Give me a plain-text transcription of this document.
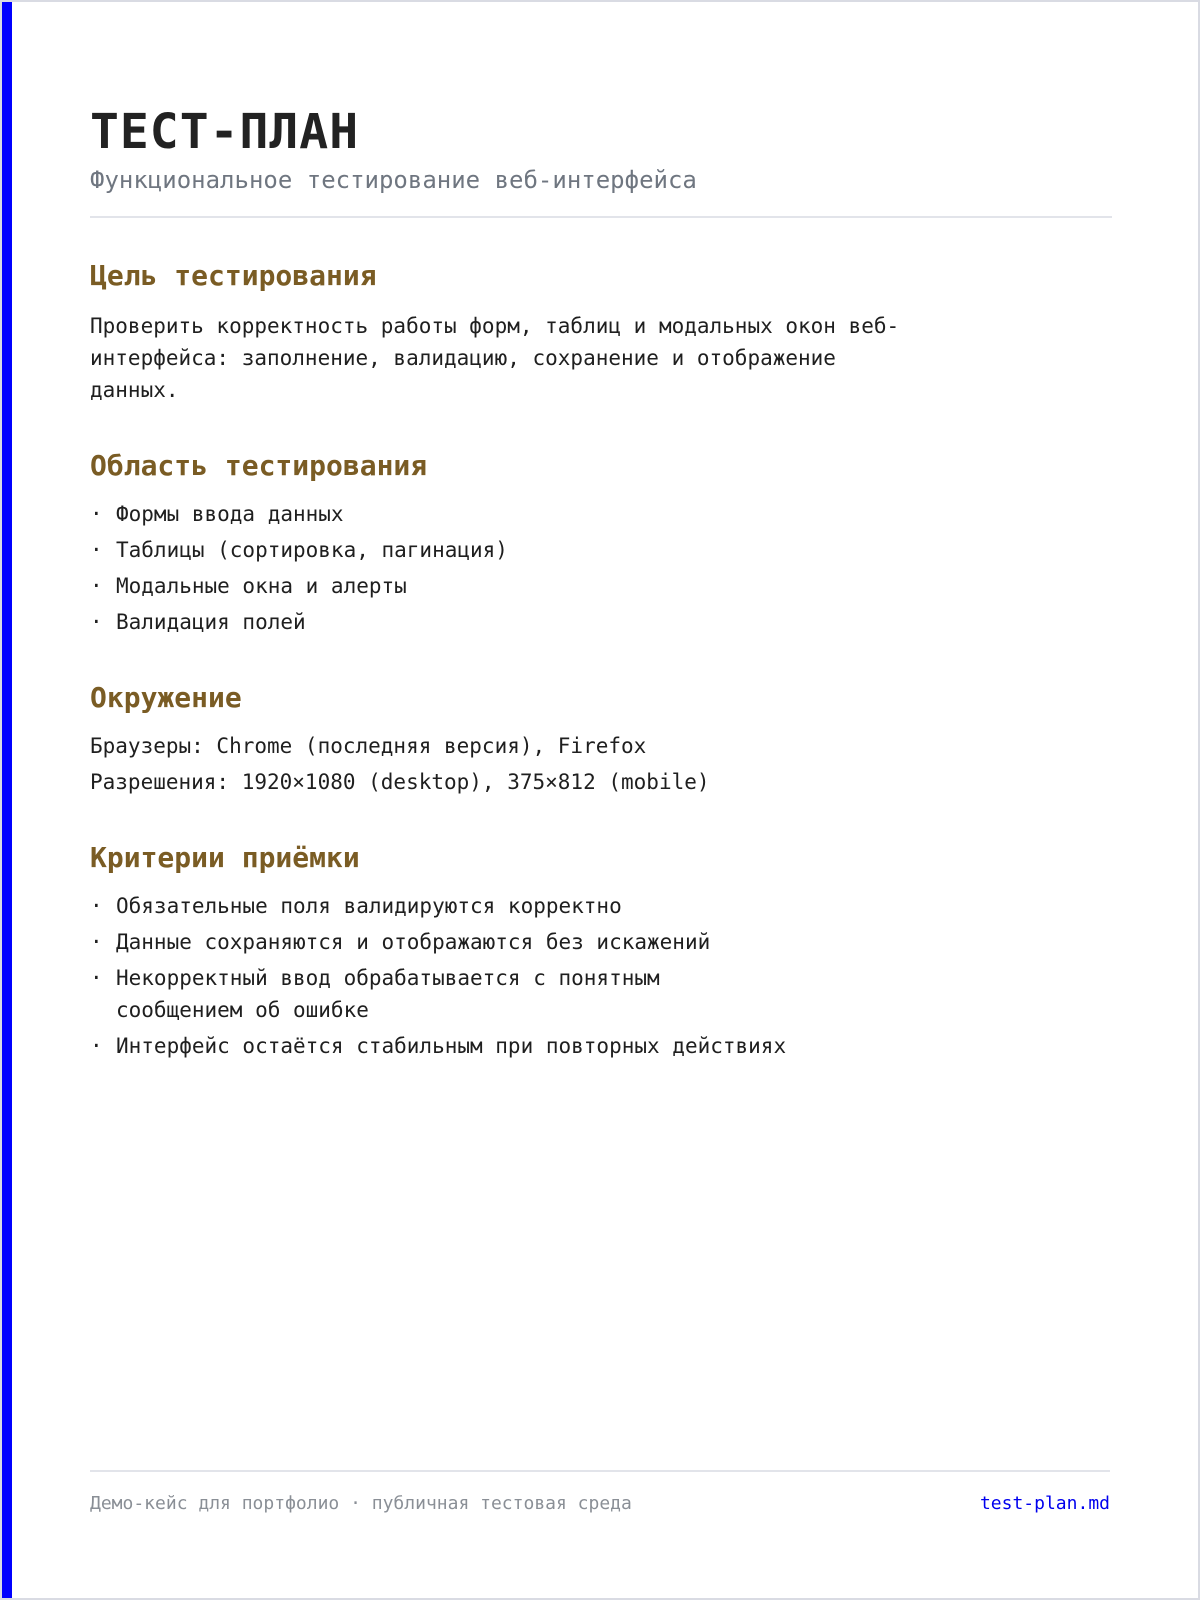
ТЕСТ-ПЛАН
Функциональное тестирование веб-интерфейса
Цель тестирования

Проверить корректность работы форм, таблиц и модальных окон веб-интерфейса: заполнение, валидацию, сохранение и отображение данных.

Область тестирования
· Формы ввода данных
· Таблицы (сортировка, пагинация)
· Модальные окна и алерты
· Валидация полей
Окружение
Браузеры: Chrome (последняя версия), Firefox
Разрешения: 1920×1080 (desktop), 375×812 (mobile)
Критерии приёмки
· Обязательные поля валидируются корректно
· Данные сохраняются и отображаются без искажений
· Некорректный ввод обрабатывается с понятным сообщением об ошибке
· Интерфейс остаётся стабильным при повторных действиях
Демо-кейс для портфолио · публичная тестовая среда	test-plan.md
